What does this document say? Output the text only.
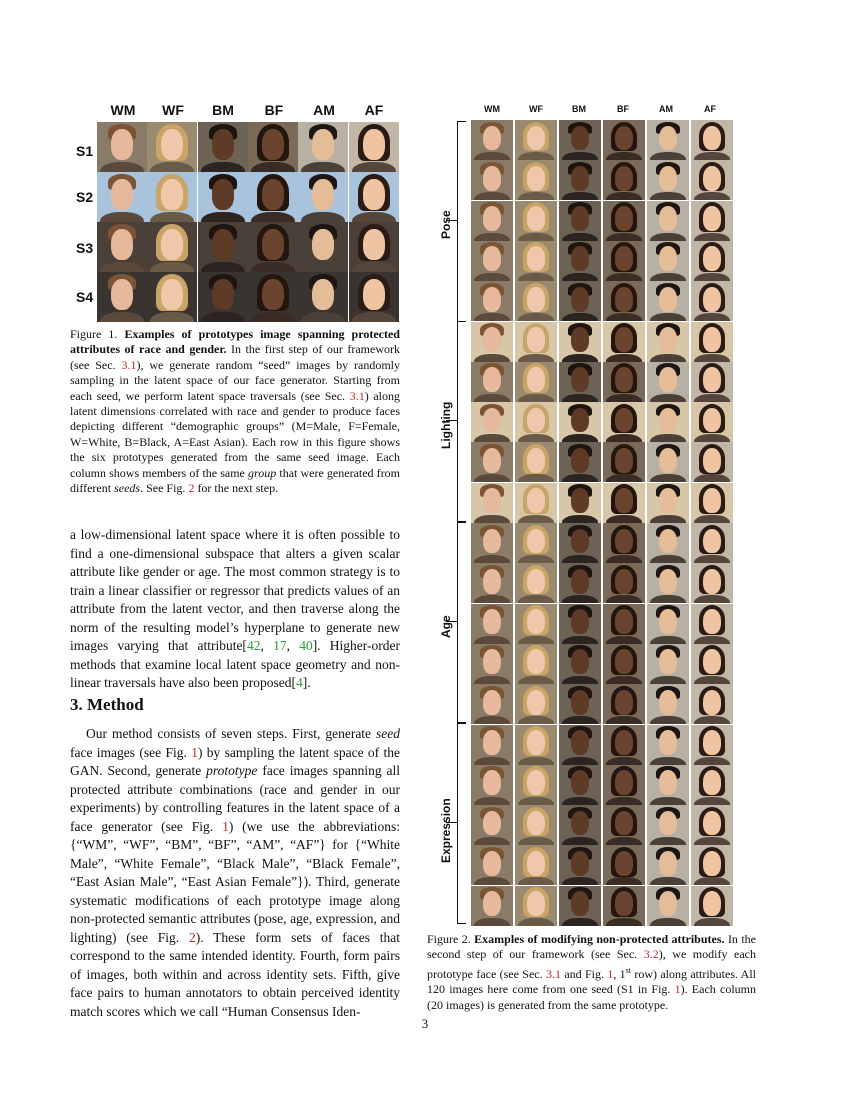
WM	WF	BM	BF	AM	AF
S1
S2
S3
S4
Figure 1. Examples of prototypes image spanning protected attributes of race and gender. In the first step of our framework (see Sec. 3.1), we generate random “seed” images by randomly sampling in the latent space of our face generator. Starting from each seed, we perform latent space traversals (see Sec. 3.1) along latent dimensions correlated with race and gender to produce faces depicting different “demographic groups” (M=Male, F=Female, W=White, B=Black, A=East Asian). Each row in this figure shows the six prototypes generated from the same seed image. Each column shows members of the same group that were generated from different seeds. See Fig. 2 for the next step.
a low-dimensional latent space where it is often possible to find a one-dimensional subspace that alters a given scalar attribute like gender or age. The most common strategy is to train a linear classifier or regressor that predicts values of an attribute from the latent vector, and then traverse along the norm of the resulting model’s hyperplane to generate new images varying that attribute[42, 17, 40]. Higher-order methods that examine local latent space geometry and non-linear traversals have also been proposed[4].
3. Method
Our method consists of seven steps. First, generate seed face images (see Fig. 1) by sampling the latent space of the GAN. Second, generate prototype face images spanning all protected attribute combinations (race and gender in our experiments) by controlling features in the latent space of a face generator (see Fig. 1) (we use the abbreviations: {“WM”, “WF”, “BM”, “BF”, “AM”, “AF”} for {“White Male”, “White Female”, “Black Male”, “Black Female”, “East Asian Male”, “East Asian Female”}). Third, generate systematic modifications of each prototype image along non-protected semantic attributes (pose, age, expression, and lighting) (see Fig. 2). These form sets of faces that correspond to the same intended identity. Fourth, form pairs of images, both within and across identity sets. Fifth, give face pairs to human annotators to obtain perceived identity match scores which we call “Human Consensus Iden-
WM	WF	BM	BF	AM	AF
Pose
Lighting
Age
Expression
Figure 2. Examples of modifying non-protected attributes. In the second step of our framework (see Sec. 3.2), we modify each prototype face (see Sec. 3.1 and Fig. 1, 1st row) along attributes. All 120 images here come from one seed (S1 in Fig. 1). Each column (20 images) is generated from the same prototype.
3
